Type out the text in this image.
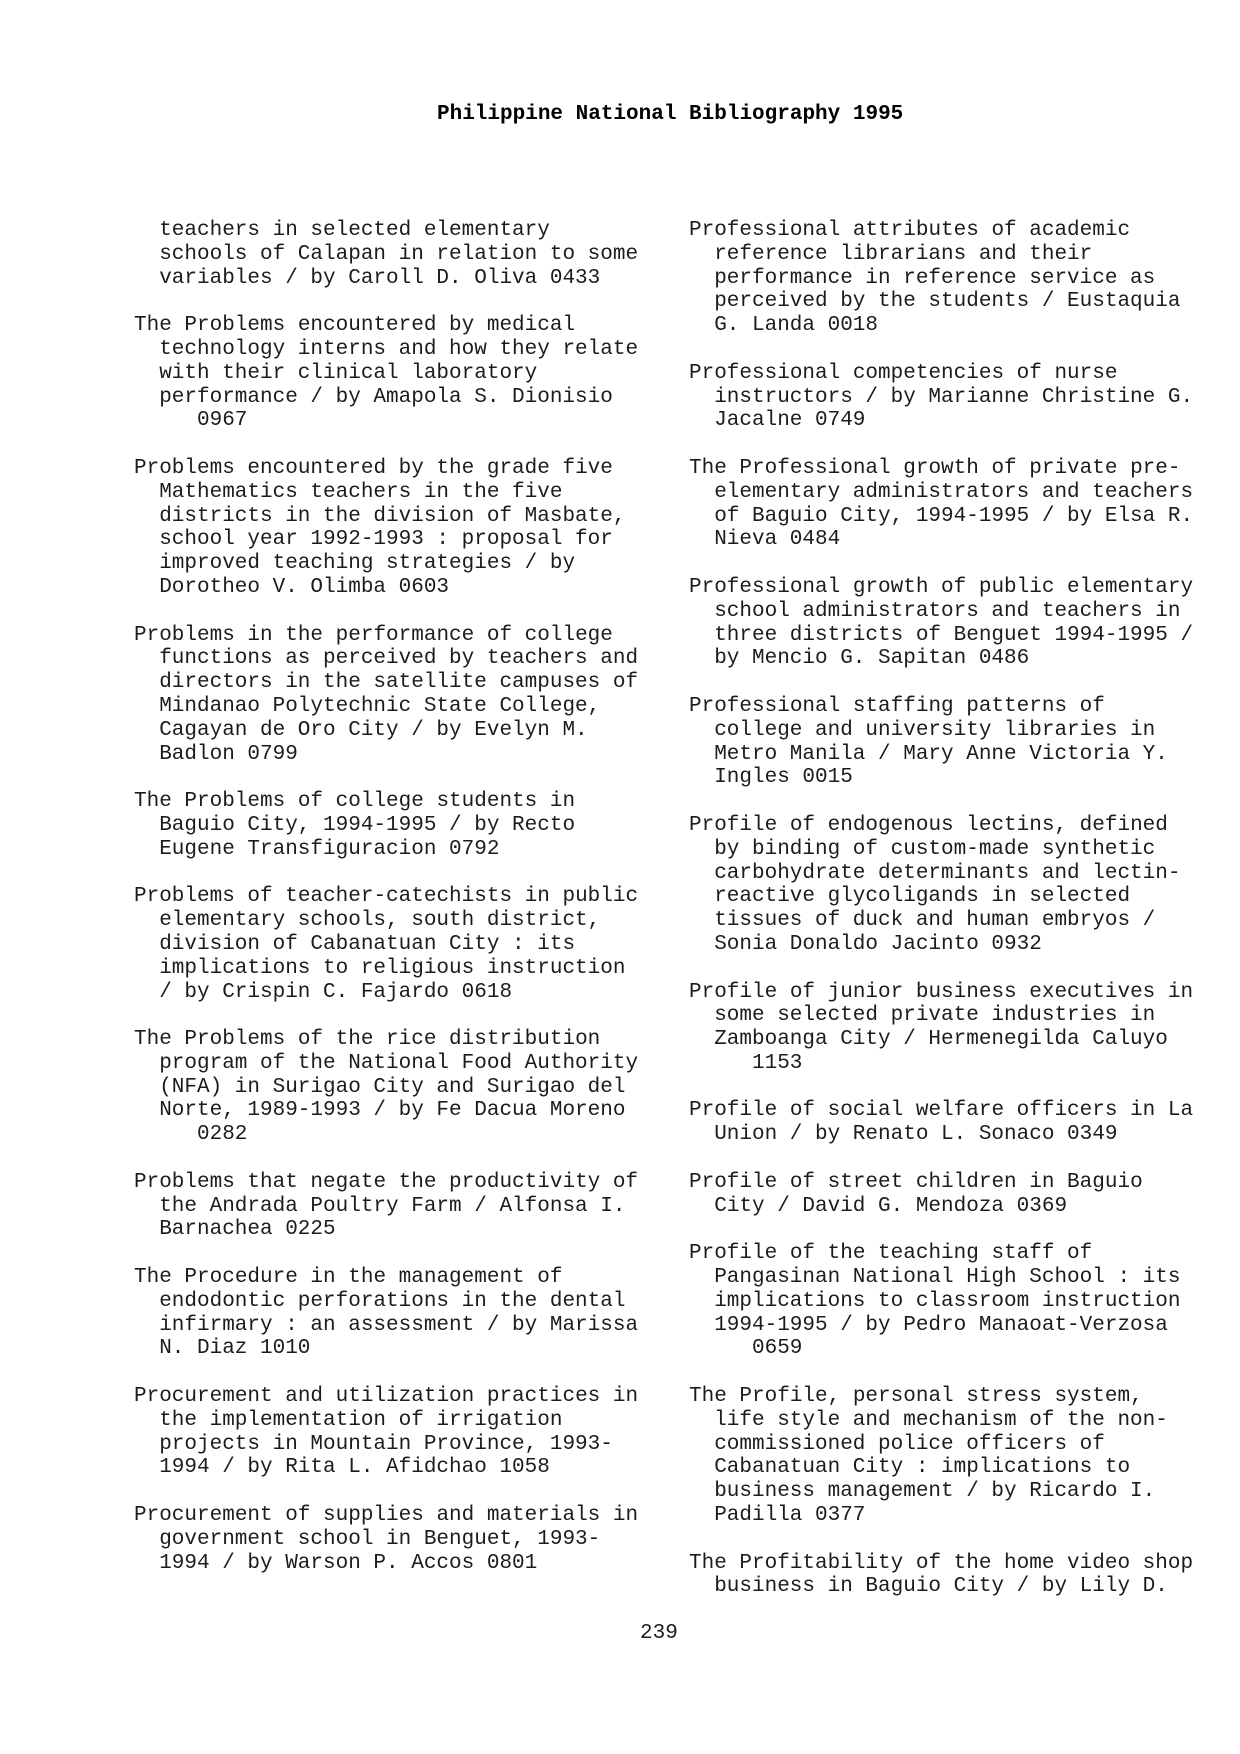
Philippine National Bibliography 1995
teachers in selected elementary
schools of Calapan in relation to some
variables / by Caroll D. Oliva 0433
The Problems encountered by medical
technology interns and how they relate
with their clinical laboratory
performance / by Amapola S. Dionisio
0967
Problems encountered by the grade five
Mathematics teachers in the five
districts in the division of Masbate,
school year 1992-1993 : proposal for
improved teaching strategies / by
Dorotheo V. Olimba 0603
Problems in the performance of college
functions as perceived by teachers and
directors in the satellite campuses of
Mindanao Polytechnic State College,
Cagayan de Oro City / by Evelyn M.
Badlon 0799
The Problems of college students in
Baguio City, 1994-1995 / by Recto
Eugene Transfiguracion 0792
Problems of teacher-catechists in public
elementary schools, south district,
division of Cabanatuan City : its
implications to religious instruction
/ by Crispin C. Fajardo 0618
The Problems of the rice distribution
program of the National Food Authority
(NFA) in Surigao City and Surigao del
Norte, 1989-1993 / by Fe Dacua Moreno
0282
Problems that negate the productivity of
the Andrada Poultry Farm / Alfonsa I.
Barnachea 0225
The Procedure in the management of
endodontic perforations in the dental
infirmary : an assessment / by Marissa
N. Diaz 1010
Procurement and utilization practices in
the implementation of irrigation
projects in Mountain Province, 1993-
1994 / by Rita L. Afidchao 1058
Procurement of supplies and materials in
government school in Benguet, 1993-
1994 / by Warson P. Accos 0801
Professional attributes of academic
reference librarians and their
performance in reference service as
perceived by the students / Eustaquia
G. Landa 0018
Professional competencies of nurse
instructors / by Marianne Christine G.
Jacalne 0749
The Professional growth of private pre-
elementary administrators and teachers
of Baguio City, 1994-1995 / by Elsa R.
Nieva 0484
Professional growth of public elementary
school administrators and teachers in
three districts of Benguet 1994-1995 /
by Mencio G. Sapitan 0486
Professional staffing patterns of
college and university libraries in
Metro Manila / Mary Anne Victoria Y.
Ingles 0015
Profile of endogenous lectins, defined
by binding of custom-made synthetic
carbohydrate determinants and lectin-
reactive glycoligands in selected
tissues of duck and human embryos /
Sonia Donaldo Jacinto 0932
Profile of junior business executives in
some selected private industries in
Zamboanga City / Hermenegilda Caluyo
1153
Profile of social welfare officers in La
Union / by Renato L. Sonaco 0349
Profile of street children in Baguio
City / David G. Mendoza 0369
Profile of the teaching staff of
Pangasinan National High School : its
implications to classroom instruction
1994-1995 / by Pedro Manaoat-Verzosa
0659
The Profile, personal stress system,
life style and mechanism of the non-
commissioned police officers of
Cabanatuan City : implications to
business management / by Ricardo I.
Padilla 0377
The Profitability of the home video shop
business in Baguio City / by Lily D.
239
